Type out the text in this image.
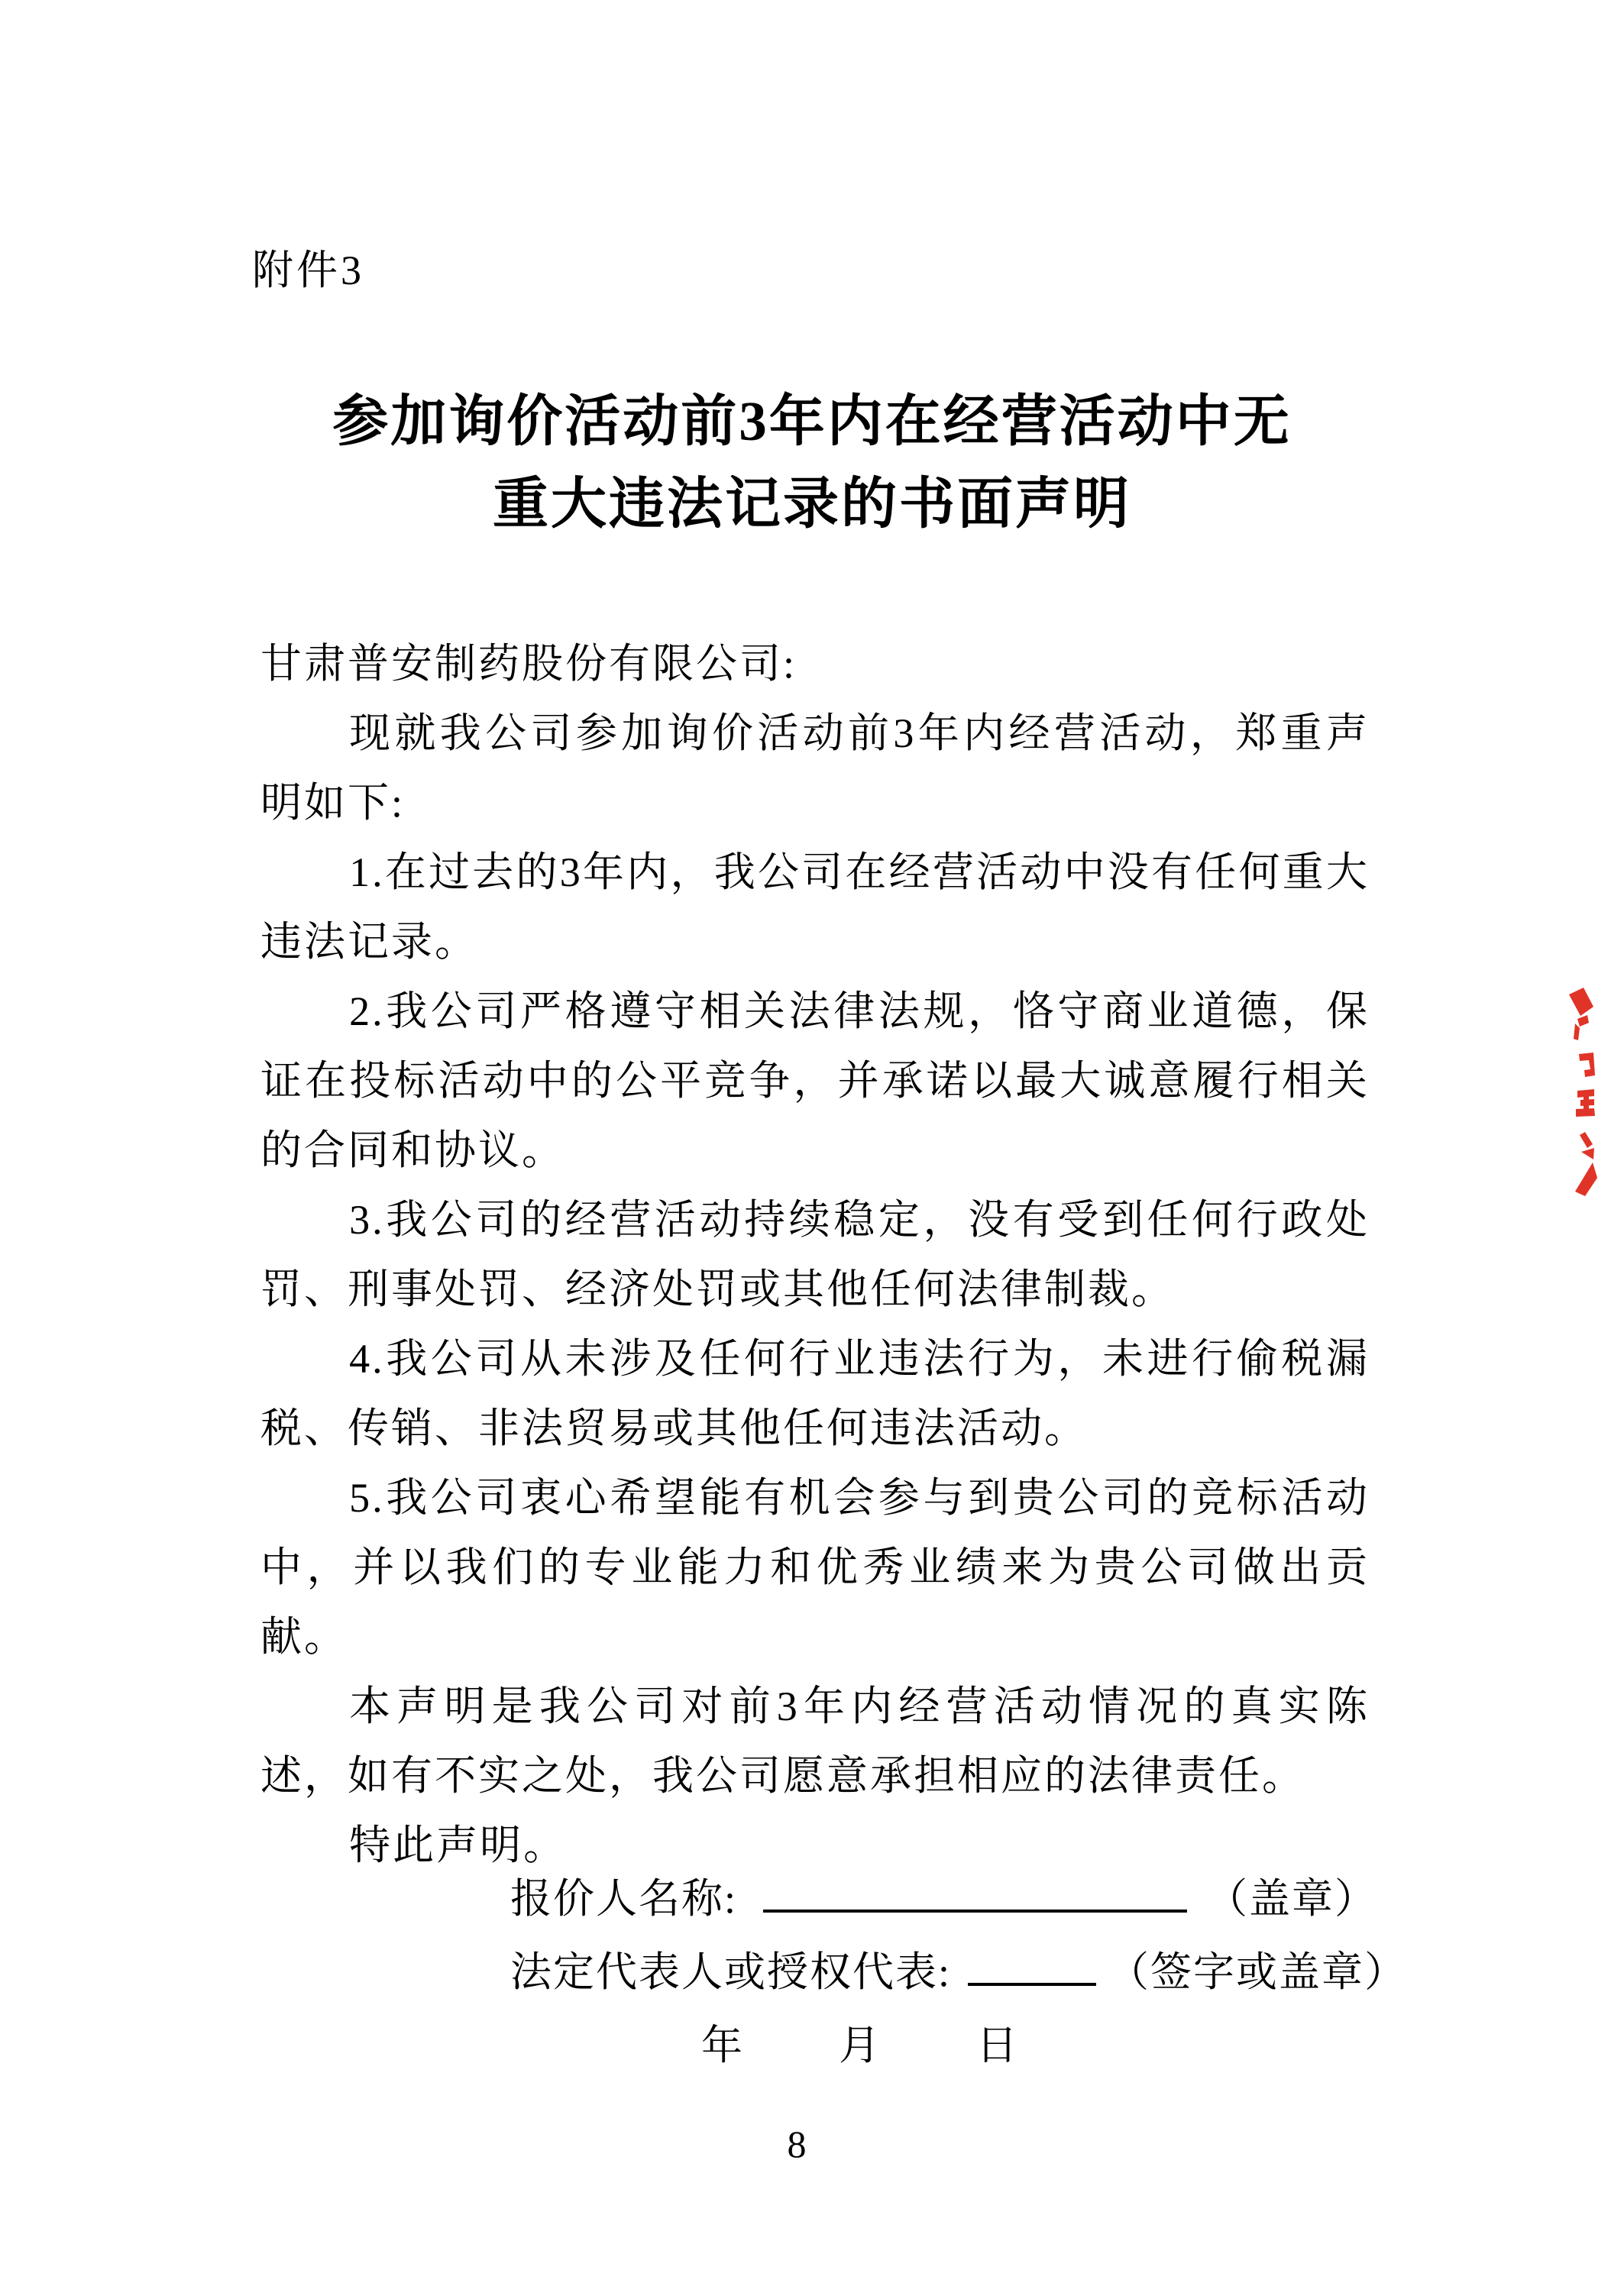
附件3
参加询价活动前3年内在经营活动中无
重大违法记录的书面声明

甘肃普安制药股份有限公司:

现就我公司参加询价活动前3年内经营活动，郑重声明如下:

1.在过去的3年内，我公司在经营活动中没有任何重大违法记录。

2.我公司严格遵守相关法律法规，恪守商业道德，保证在投标活动中的公平竞争，并承诺以最大诚意履行相关的合同和协议。

3.我公司的经营活动持续稳定，没有受到任何行政处罚、刑事处罚、经济处罚或其他任何法律制裁。

4.我公司从未涉及任何行业违法行为，未进行偷税漏税、传销、非法贸易或其他任何违法活动。

5.我公司衷心希望能有机会参与到贵公司的竞标活动中，并以我们的专业能力和优秀业绩来为贵公司做出贡献。

本声明是我公司对前3年内经营活动情况的真实陈述，如有不实之处，我公司愿意承担相应的法律责任。

特此声明。

报价人名称:	（盖章）

法定代表人或授权代表:	（签字或盖章）

年　　月　　日

8
